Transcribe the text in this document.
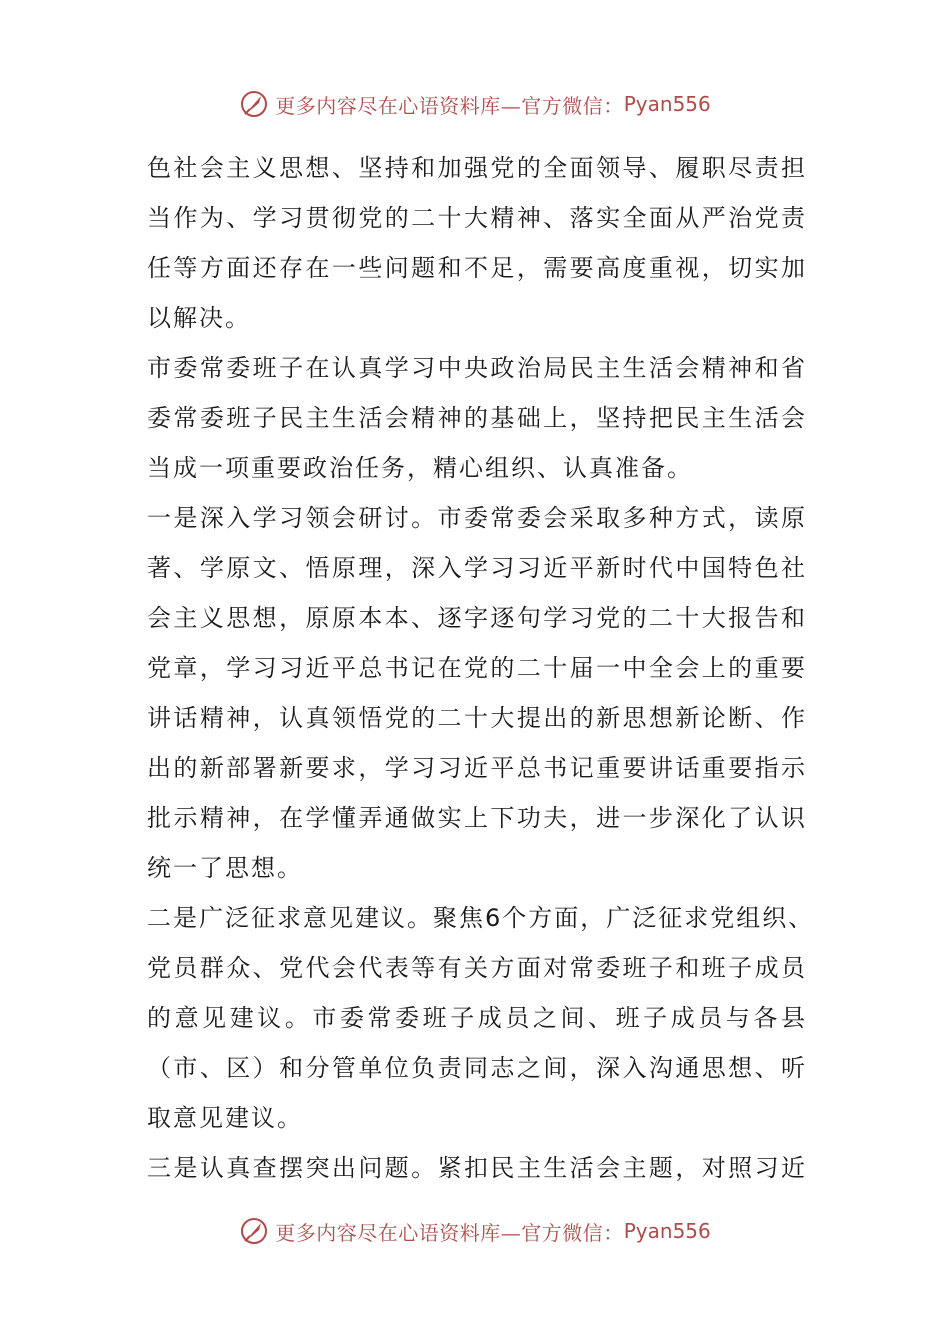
更多内容尽在心语资料库—官方微信： Pyan556
色社会主义思想、坚持和加强党的全面领导、履职尽责担
当作为、学习贯彻党的二十大精神、落实全面从严治党责
任等方面还存在一些问题和不足，需要高度重视，切实加
以解决。
市委常委班子在认真学习中央政治局民主生活会精神和省
委常委班子民主生活会精神的基础上，坚持把民主生活会
当成一项重要政治任务，精心组织、认真准备。
一是深入学习领会研讨。市委常委会采取多种方式，读原
著、学原文、悟原理，深入学习习近平新时代中国特色社
会主义思想，原原本本、逐字逐句学习党的二十大报告和
党章，学习习近平总书记在党的二十届一中全会上的重要
讲话精神，认真领悟党的二十大提出的新思想新论断、作
出的新部署新要求，学习习近平总书记重要讲话重要指示
批示精神，在学懂弄通做实上下功夫，进一步深化了认识
统一了思想。
二是广泛征求意见建议。聚焦6个方面，广泛征求党组织、
党员群众、党代会代表等有关方面对常委班子和班子成员
的意见建议。市委常委班子成员之间、班子成员与各县
（市、区）和分管单位负责同志之间，深入沟通思想、听
取意见建议。
三是认真查摆突出问题。紧扣民主生活会主题，对照习近
更多内容尽在心语资料库—官方微信： Pyan556
